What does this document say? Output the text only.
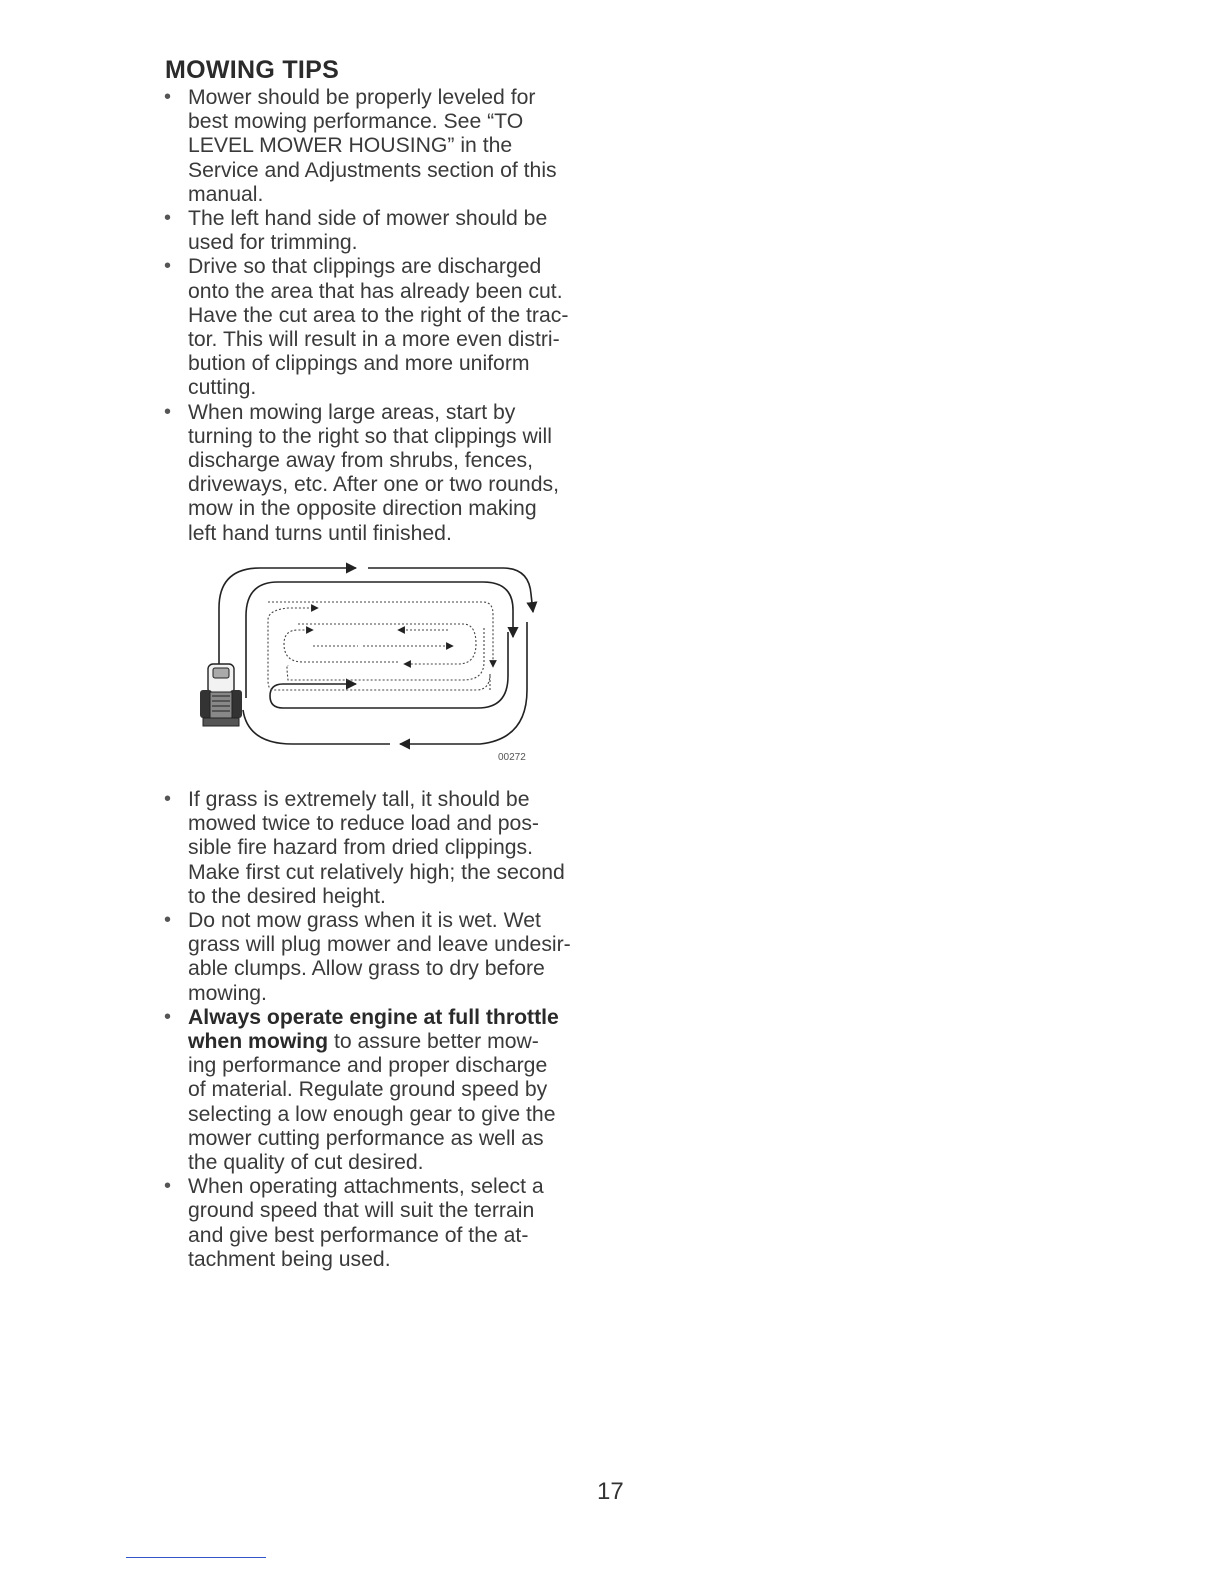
MOWING TIPS
• Mower should be properly leveled for
best mowing performance. See “TO
LEVEL MOWER HOUSING” in the
Service and Adjustments section of this
manual.
• The left hand side of mower should be
used for trimming.
• Drive so that clippings are discharged
onto the area that has already been cut.
Have the cut area to the right of the trac-
tor. This will result in a more even distri-
bution of clippings and more uniform
cutting.
• When mowing large areas, start by
turning to the right so that clippings will
discharge away from shrubs, fences,
driveways, etc. After one or two rounds,
mow in the opposite direction making
left hand turns until finished.
00272
• If grass is extremely tall, it should be
mowed twice to reduce load and pos-
sible fire hazard from dried clippings.
Make first cut relatively high; the second
to the desired height.
• Do not mow grass when it is wet. Wet
grass will plug mower and leave undesir-
able clumps. Allow grass to dry before
mowing.
• Always operate engine at full throttle
when mowing to assure better mow-
ing performance and proper discharge
of material. Regulate ground speed by
selecting a low enough gear to give the
mower cutting performance as well as
the quality of cut desired.
• When operating attachments, select a
ground speed that will suit the terrain
and give best performance of the at-
tachment being used.
17
